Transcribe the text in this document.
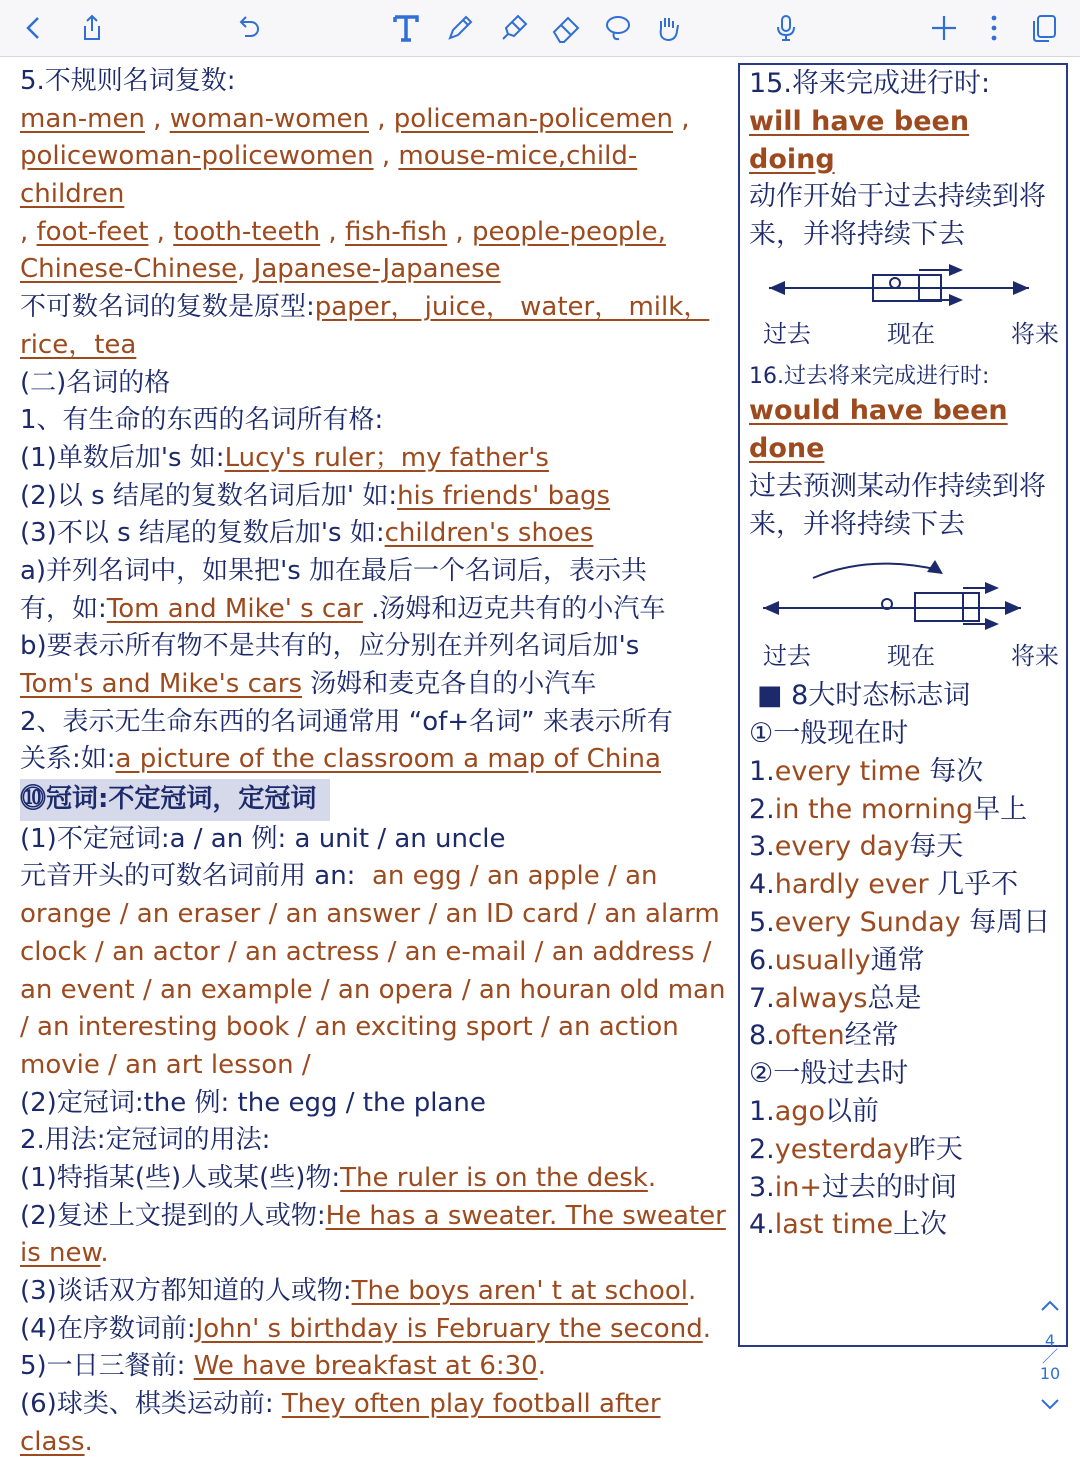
5.不规则名词复数:

man-men , woman-women , policeman-policemen ,

policewoman-policewomen , mouse-mice,child-children

, foot-feet , tooth-teeth , fish-fish , people-people,

Chinese-Chinese, Japanese-Japanese

不可数名词的复数是原型:paper， juice， water， milk，

rice，tea

(二)名词的格

1、有生命的东西的名词所有格:

(1)单数后加's 如:Lucy's ruler；my father's

(2)以 s 结尾的复数名词后加' 如:his friends' bags

(3)不以 s 结尾的复数后加's 如:children's shoes

a)并列名词中，如果把's 加在最后一个名词后，表示共

有，如:Tom and Mike' s car .汤姆和迈克共有的小汽车

b)要表示所有物不是共有的，应分别在并列名词后加's

Tom's and Mike's cars 汤姆和麦克各自的小汽车

2、表示无生命东西的名词通常用 “of+名词” 来表示所有

关系:如:a picture of the classroom a map of China

⓾冠词:不定冠词，定冠词

(1)不定冠词:a / an 例: a unit / an uncle

元音开头的可数名词前用 an: an egg / an apple / an orange / an eraser / an answer / an ID card / an alarm clock / an actor / an actress / an e-mail / an address / an event / an example / an opera / an houran old man / an interesting book / an exciting sport / an action movie / an art lesson /

(2)定冠词:the 例: the egg / the plane

2.用法:定冠词的用法:

(1)特指某(些)人或某(些)物:The ruler is on the desk.

(2)复述上文提到的人或物:He has a sweater. The sweater is new.

(3)谈话双方都知道的人或物:The boys aren' t at school.

(4)在序数词前:John' s birthday is February the second.

5)一日三餐前: We have breakfast at 6:30.

(6)球类、棋类运动前: They often play football after class.

15.将来完成进行时:

will have been doing

动作开始于过去持续到将来，并将持续下去

过去	现在	将来

16.过去将来完成进行时:

would have been done

过去预测某动作持续到将来，并将持续下去

过去	现在	将来

■ 8大时态标志词

①一般现在时

1.every time 每次

2.in the morning早上

3.every day每天

4.hardly ever 几乎不

5.every Sunday 每周日

6.usually通常

7.always总是

8.often经常

②一般过去时

1.ago以前

2.yesterday昨天

3.in+过去的时间

4.last time上次

4
／
10
